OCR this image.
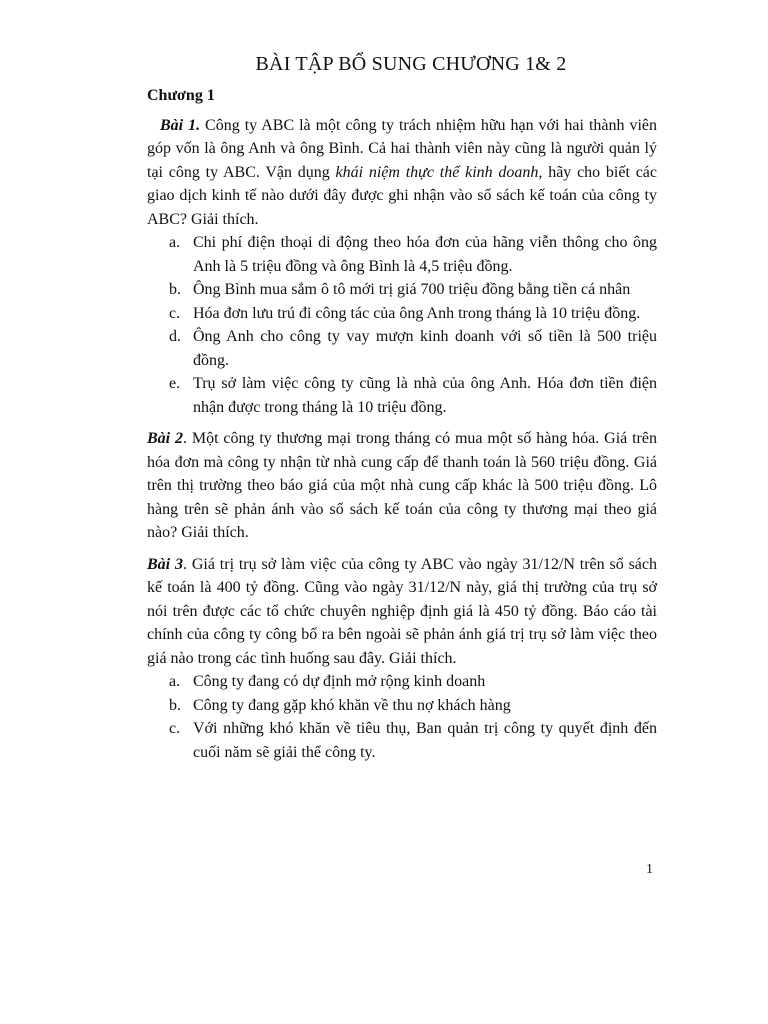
BÀI TẬP BỔ SUNG CHƯƠNG 1& 2
Chương 1

Bài 1. Công ty ABC là một công ty trách nhiệm hữu hạn với hai thành viên góp vốn là ông Anh và ông Bình. Cả hai thành viên này cũng là người quản lý tại công ty ABC. Vận dụng khái niệm thực thể kinh doanh, hãy cho biết các giao dịch kinh tế nào dưới đây được ghi nhận vào sổ sách kế toán của công ty ABC? Giải thích.

a. Chi phí điện thoại di động theo hóa đơn của hãng viễn thông cho ông Anh là 5 triệu đồng và ông Bình là 4,5 triệu đồng.
b. Ông Bình mua sắm ô tô mới trị giá 700 triệu đồng bằng tiền cá nhân
c. Hóa đơn lưu trú đi công tác của ông Anh trong tháng là 10 triệu đồng.
d. Ông Anh cho công ty vay mượn kinh doanh với số tiền là 500 triệu đồng.
e. Trụ sở làm việc công ty cũng là nhà của ông Anh. Hóa đơn tiền điện nhận được trong tháng là 10 triệu đồng.

Bài 2. Một công ty thương mại trong tháng có mua một số hàng hóa. Giá trên hóa đơn mà công ty nhận từ nhà cung cấp để thanh toán là 560 triệu đồng. Giá trên thị trường theo báo giá của một nhà cung cấp khác là 500 triệu đồng. Lô hàng trên sẽ phản ánh vào sổ sách kế toán của công ty thương mại theo giá nào? Giải thích.

Bài 3. Giá trị trụ sở làm việc của công ty ABC vào ngày 31/12/N trên sổ sách kế toán là 400 tỷ đồng. Cũng vào ngày 31/12/N này, giá thị trường của trụ sở nói trên được các tổ chức chuyên nghiệp định giá là 450 tỷ đồng. Báo cáo tài chính của công ty công bố ra bên ngoài sẽ phản ánh giá trị trụ sở làm việc theo giá nào trong các tình huống sau đây. Giải thích.

a. Công ty đang có dự định mở rộng kinh doanh
b. Công ty đang gặp khó khăn về thu nợ khách hàng
c. Với những khó khăn về tiêu thụ, Ban quản trị công ty quyết định đến cuối năm sẽ giải thể công ty.
1
